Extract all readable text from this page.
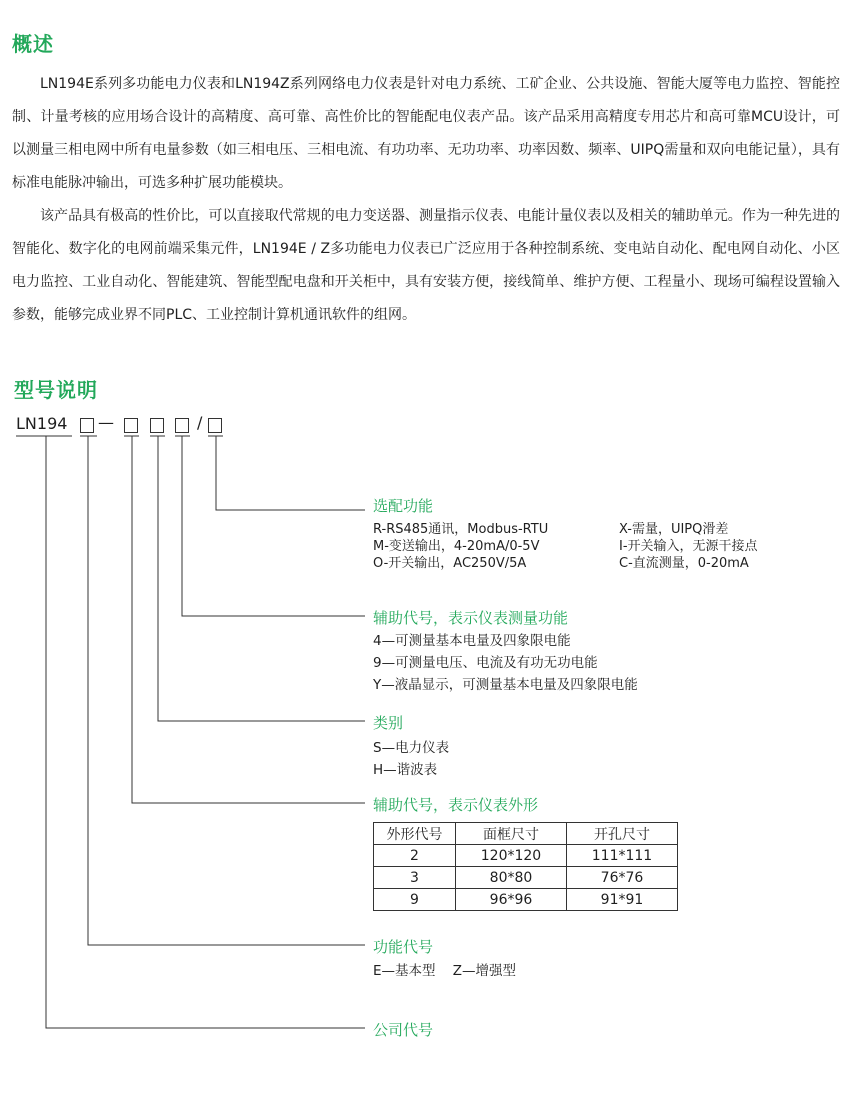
概述

LN194E系列多功能电力仪表和LN194Z系列网络电力仪表是针对电力系统、工矿企业、公共设施、智能大厦等电力监控、智能控制、计量考核的应用场合设计的高精度、高可靠、高性价比的智能配电仪表产品。该产品采用高精度专用芯片和高可靠MCU设计，可以测量三相电网中所有电量参数（如三相电压、三相电流、有功功率、无功功率、功率因数、频率、UIPQ需量和双向电能记量），具有标准电能脉冲输出，可选多种扩展功能模块。

该产品具有极高的性价比，可以直接取代常规的电力变送器、测量指示仪表、电能计量仪表以及相关的辅助单元。作为一种先进的智能化、数字化的电网前端采集元件，LN194E / Z多功能电力仪表已广泛应用于各种控制系统、变电站自动化、配电网自动化、小区电力监控、工业自动化、智能建筑、智能型配电盘和开关柜中，具有安装方便，接线简单、维护方便、工程量小、现场可编程设置输入参数，能够完成业界不同PLC、工业控制计算机通讯软件的组网。

型号说明
LN194 —	/
选配功能
R-RS485通讯，Modbus-RTU
M-变送输出，4-20mA/0-5V
O-开关输出，AC250V/5A
X-需量，UIPQ滑差
I-开关输入，无源干接点
C-直流测量，0-20mA
辅助代号，表示仪表测量功能
4—可测量基本电量及四象限电能
9—可测量电压、电流及有功无功电能
Y—液晶显示，可测量基本电量及四象限电能
类别
S—电力仪表
H—谐波表
辅助代号，表示仪表外形
外形代号	面框尺寸	开孔尺寸
2	120*120	111*111
3	80*80	76*76
9	96*96	91*91
功能代号
E—基本型    Z—增强型
公司代号
